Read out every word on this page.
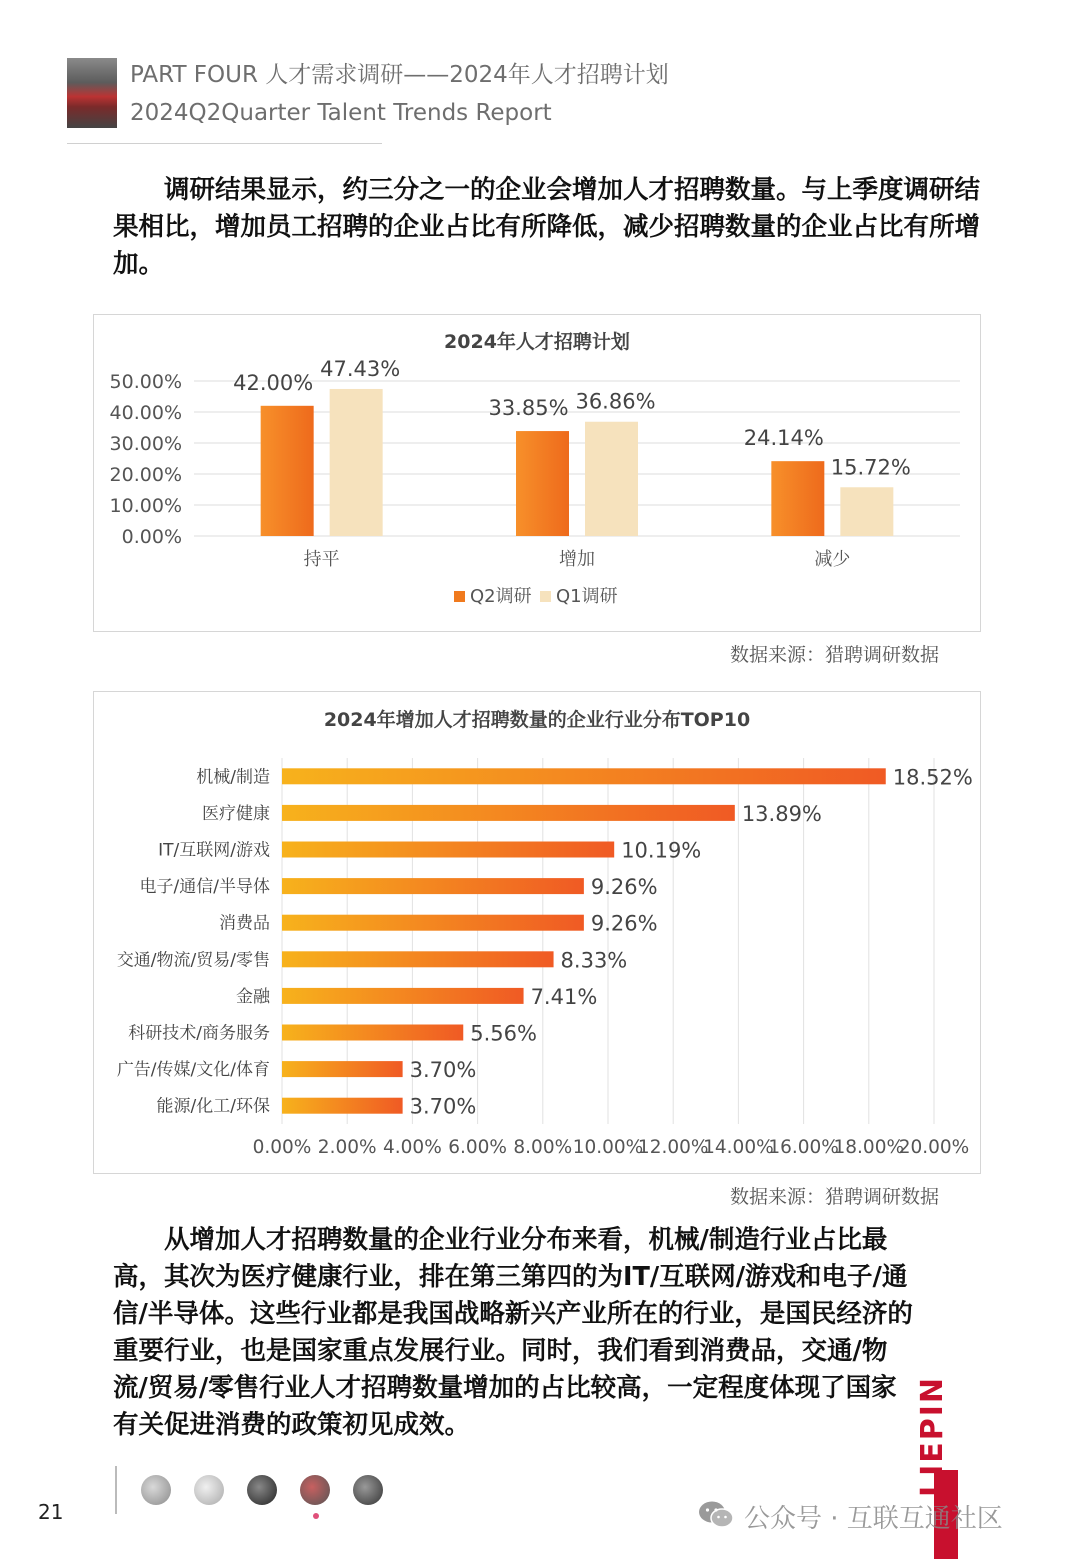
PART FOUR 人才需求调研——2024年人才招聘计划
2024Q2Quarter Talent Trends Report
　　调研结果显示，约三分之一的企业会增加人才招聘数量。与上季度调研结果相比，增加员工招聘的企业占比有所降低，减少招聘数量的企业占比有所增加。
2024年人才招聘计划
0.00%
10.00%
20.00%
30.00%
40.00%
50.00% 42.00%
47.43%
33.85% 36.86%
24.14%
15.72%
持平	增加	减少
Q2调研 Q1调研
数据来源：猎聘调研数据
2024年增加人才招聘数量的企业行业分布TOP10
0.00% 2.00% 4.00% 6.00% 8.00% 10.00%
12.00%
14.00%
16.00%
18.00%
20.00%
18.52%
13.89%
10.19%
9.26%
9.26%
8.33%
7.41%
5.56%
3.70%
3.70%
机械/制造
医疗健康
IT/互联网/游戏
电子/通信/半导体
消费品
交通/物流/贸易/零售
金融
科研技术/商务服务
广告/传媒/文化/体育
能源/化工/环保
数据来源：猎聘调研数据
　　从增加人才招聘数量的企业行业分布来看，机械/制造行业占比最高，其次为医疗健康行业，排在第三第四的为IT/互联网/游戏和电子/通信/半导体。这些行业都是我国战略新兴产业所在的行业，是国民经济的重要行业，也是国家重点发展行业。同时，我们看到消费品，交通/物流/贸易/零售行业人才招聘数量增加的占比较高，一定程度体现了国家有关促进消费的政策初见成效。
21
LIEPIN
公众号 · 互联互通社区
